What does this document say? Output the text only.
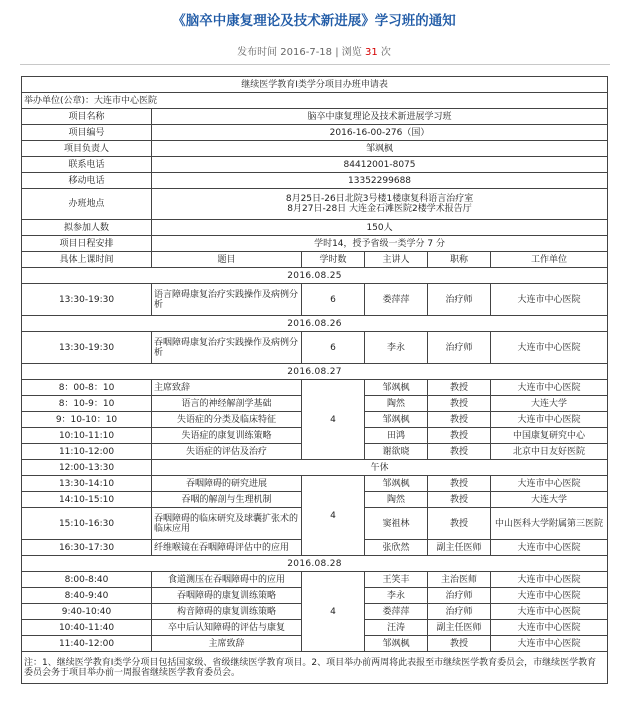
《脑卒中康复理论及技术新进展》学习班的通知
发布时间 2016-7-18 | 浏览 31 次
继续医学教育I类学分项目办班申请表					
举办单位(公章)：大连市中心医院					
项目名称	脑卒中康复理论及技术新进展学习班				
项目编号	2016-16-00-276（国）				
项目负责人	邹飒枫				
联系电话	84412001-8075				
移动电话	13352299688				
办班地点	8月25日-26日北院3号楼1楼康复科语言治疗室
8月27日-28日 大连金石滩医院2楼学术报告厅				

拟参加人数	150人				
项目日程安排	学时14，授予省级一类学分 7 分				
具体上课时间	题目	学时数	主讲人	职称	工作单位
2016.08.25					
13:30-19:30	语言障碍康复治疗实践操作及病例分析	6	娄萍萍	治疗师	大连市中心医院
2016.08.26					
13:30-19:30	吞咽障碍康复治疗实践操作及病例分析	6	李永	治疗师	大连市中心医院
2016.08.27					
8：00-8：10	主席致辞	4	邹飒枫	教授	大连市中心医院
8：10-9：10	语言的神经解剖学基础		陶然	教授	大连大学
9：10-10：10	失语症的分类及临床特征		邹飒枫	教授	大连市中心医院
10:10-11:10	失语症的康复训练策略		田鸿	教授	中国康复研究中心
11:10-12:00	失语症的评估及治疗		谢欲晓	教授	北京中日友好医院
12:00-13:30	午休				
13:30-14:10	吞咽障碍的研究进展	4	邹飒枫	教授	大连市中心医院
14:10-15:10	吞咽的解剖与生理机制		陶然	教授	大连大学
15:10-16:30	吞咽障碍的临床研究及球囊扩张术的临床应用		窦祖林	教授	中山医科大学附属第三医院
16:30-17:30	纤维喉镜在吞咽障碍评估中的应用		张欣然	副主任医师	大连市中心医院
2016.08.28					
8:00-8:40	食道测压在吞咽障碍中的应用	4	王笑丰	主治医师	大连市中心医院
8:40-9:40	吞咽障碍的康复训练策略		李永	治疗师	大连市中心医院
9:40-10:40	构音障碍的康复训练策略		娄萍萍	治疗师	大连市中心医院
10:40-11:40	卒中后认知障碍的评估与康复		汪涛	副主任医师	大连市中心医院
11:40-12:00	主席致辞		邹飒枫	教授	大连市中心医院
注：1、继续医学教育I类学分项目包括国家级、省级继续医学教育项目。2、项目举办前两周将此表报至市继续医学教育委员会，市继续医学教育委员会务于项目举办前一周报省继续医学教育委员会。					
